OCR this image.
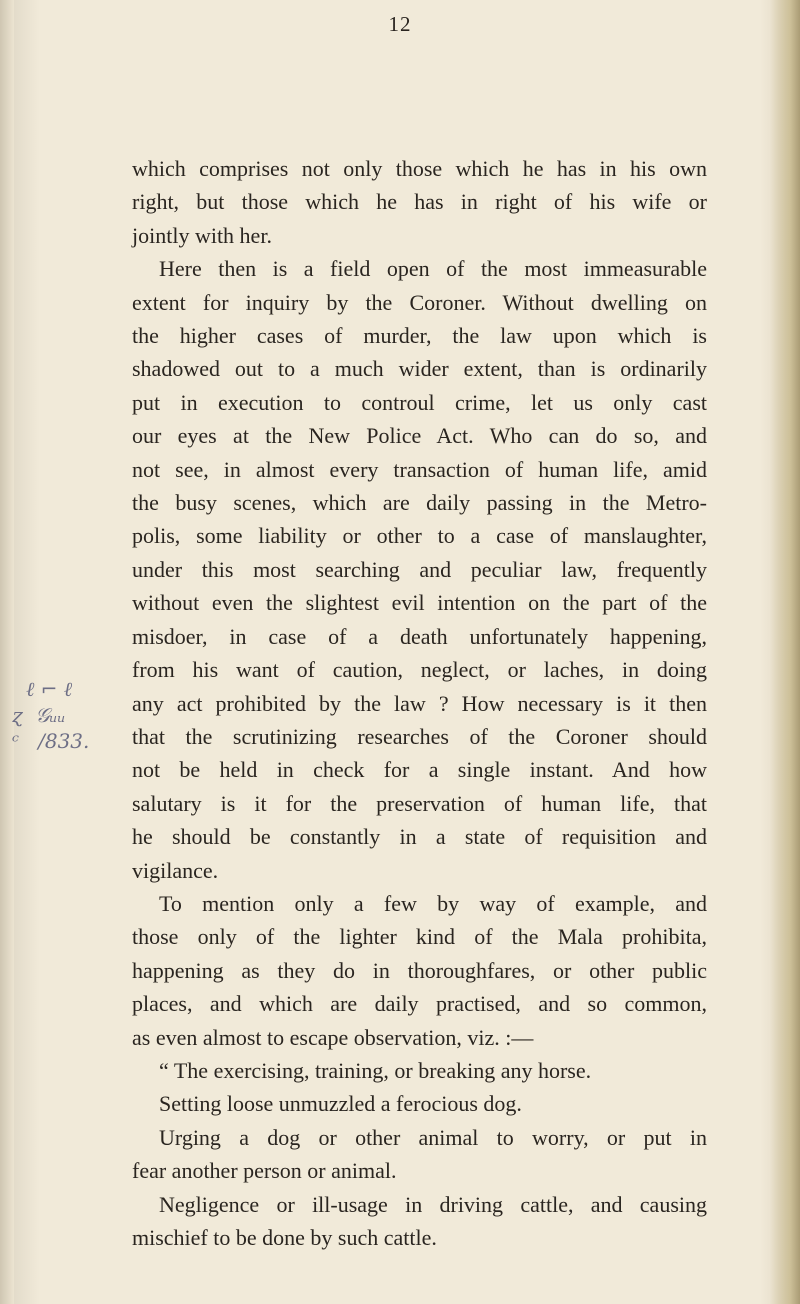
12
ℓ ⌐ ℓ
ɀ  𝒢ᵤᵤ
ᶜ   /833.
which comprises not only those which he has in his own
right, but those which he has in right of his wife or
jointly with her.
Here then is a field open of the most immeasurable
extent for inquiry by the Coroner. Without dwelling on
the higher cases of murder, the law upon which is
shadowed out to a much wider extent, than is ordinarily
put in execution to controul crime, let us only cast
our eyes at the New Police Act. Who can do so, and
not see, in almost every transaction of human life, amid
the busy scenes, which are daily passing in the Metro-
polis, some liability or other to a case of manslaughter,
under this most searching and peculiar law, frequently
without even the slightest evil intention on the part of the
misdoer, in case of a death unfortunately happening,
from his want of caution, neglect, or laches, in doing
any act prohibited by the law ? How necessary is it then
that the scrutinizing researches of the Coroner should
not be held in check for a single instant. And how
salutary is it for the preservation of human life, that
he should be constantly in a state of requisition and
vigilance.
To mention only a few by way of example, and
those only of the lighter kind of the Mala prohibita,
happening as they do in thoroughfares, or other public
places, and which are daily practised, and so common,
as even almost to escape observation, viz. :—
“ The exercising, training, or breaking any horse.
Setting loose unmuzzled a ferocious dog.
Urging a dog or other animal to worry, or put in
fear another person or animal.
Negligence or ill-usage in driving cattle, and causing
mischief to be done by such cattle.
